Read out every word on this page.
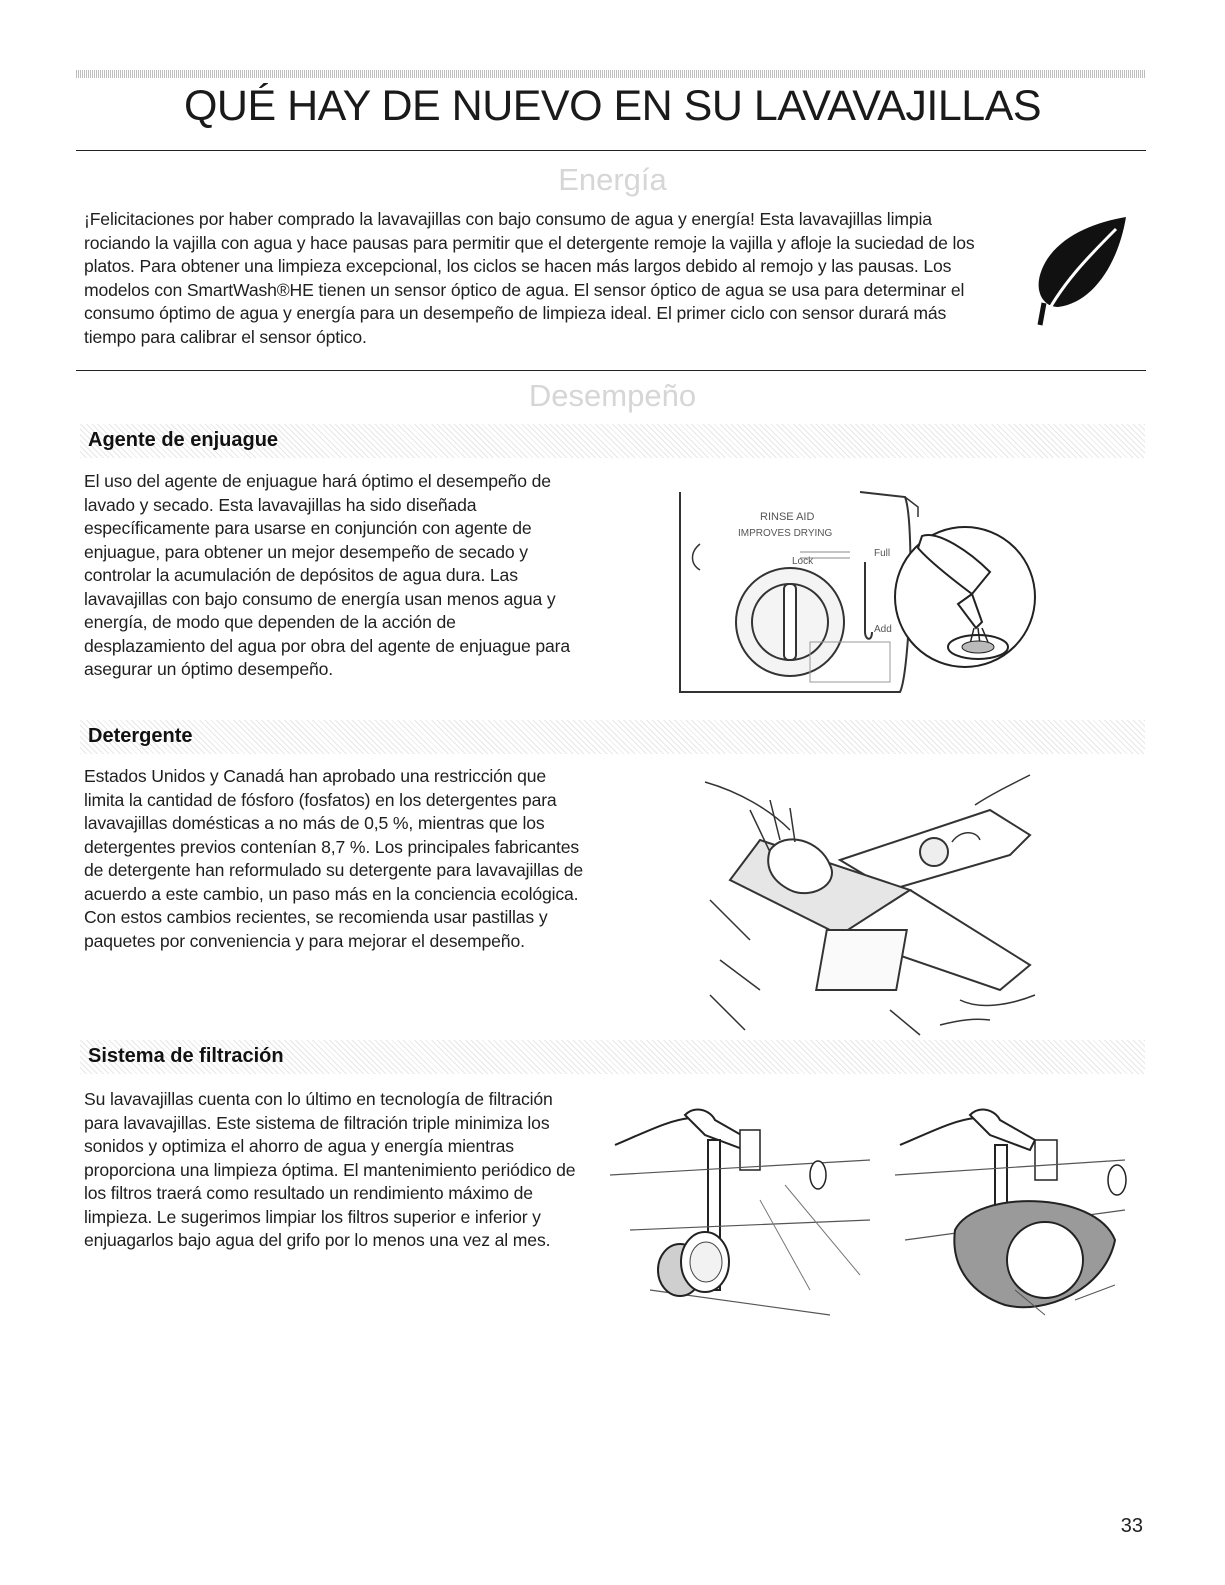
QUÉ HAY DE NUEVO EN SU LAVAVAJILLAS
Energía

¡Felicitaciones por haber comprado la lavavajillas con bajo consumo de agua y energía! Esta lavavajillas limpia rociando la vajilla con agua y hace pausas para permitir que el detergente remoje la vajilla y afloje la suciedad de los platos. Para obtener una limpieza excepcional, los ciclos se hacen más largos debido al remojo y las pausas. Los modelos con SmartWash®HE tienen un sensor óptico de agua. El sensor óptico de agua se usa para determinar el consumo óptimo de agua y energía para un desempeño de limpieza ideal. El primer ciclo con sensor durará más tiempo para calibrar el sensor óptico.

Desempeño
Agente de enjuague

El uso del agente de enjuague hará óptimo el desempeño de lavado y secado. Esta lavavajillas ha sido diseñada específicamente para usarse en conjunción con agente de enjuague, para obtener un mejor desempeño de secado y controlar la acumulación de depósitos de agua dura. Las lavavajillas con bajo consumo de energía usan menos agua y energía, de modo que dependen de la acción de desplazamiento del agua por obra del agente de enjuague para asegurar un óptimo desempeño.

RINSE AID
IMPROVES DRYING
Lock
Full
Add
Detergente

Estados Unidos y Canadá han aprobado una restricción que limita la cantidad de fósforo (fosfatos) en los detergentes para lavavajillas domésticas a no más de 0,5 %, mientras que los detergentes previos contenían 8,7 %. Los principales fabricantes de detergente han reformulado su detergente para lavavajillas de acuerdo a este cambio, un paso más en la conciencia ecológica. Con estos cambios recientes, se recomienda usar pastillas y paquetes por conveniencia y para mejorar el desempeño.

Sistema de filtración

Su lavavajillas cuenta con lo último en tecnología de filtración para lavavajillas. Este sistema de filtración triple minimiza los sonidos y optimiza el ahorro de agua y energía mientras proporciona una limpieza óptima. El mantenimiento periódico de los filtros traerá como resultado un rendimiento máximo de limpieza. Le sugerimos limpiar los filtros superior e inferior y enjuagarlos bajo agua del grifo por lo menos una vez al mes.

33
